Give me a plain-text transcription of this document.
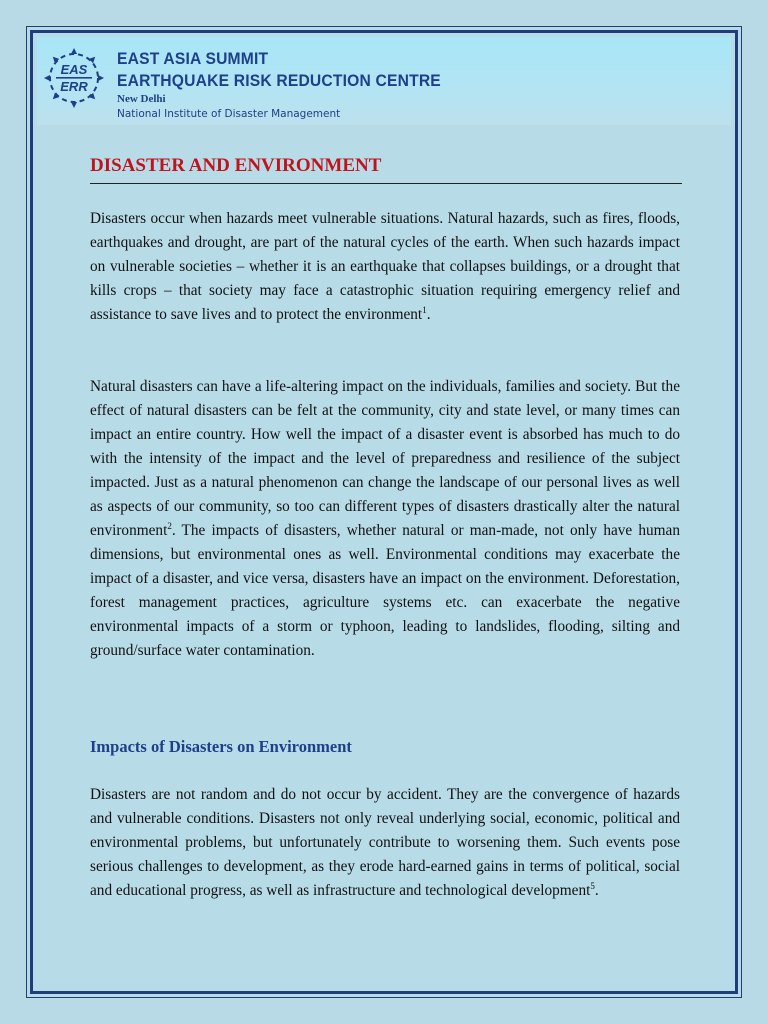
EAS
ERR
EAST ASIA SUMMIT
EARTHQUAKE RISK REDUCTION CENTRE
New Delhi
National Institute of Disaster Management
DISASTER AND ENVIRONMENT

Disasters occur when hazards meet vulnerable situations. Natural hazards, such as fires, floods, earthquakes and drought, are part of the natural cycles of the earth. When such hazards impact on vulnerable societies – whether it is an earthquake that collapses buildings, or a drought that kills crops – that society may face a catastrophic situation requiring emergency relief and assistance to save lives and to protect the environment$^1$.

Natural disasters can have a life-altering impact on the individuals, families and society. But the effect of natural disasters can be felt at the community, city and state level, or many times can impact an entire country. How well the impact of a disaster event is absorbed has much to do with the intensity of the impact and the level of preparedness and resilience of the subject impacted. Just as a natural phenomenon can change the landscape of our personal lives as well as aspects of our community, so too can different types of disasters drastically alter the natural environment$^2$. The impacts of disasters, whether natural or man-made, not only have human dimensions, but environmental ones as well. Environmental conditions may exacerbate the impact of a disaster, and vice versa, disasters have an impact on the environment. Deforestation, forest management practices, agriculture systems etc. can exacerbate the negative environmental impacts of a storm or typhoon, leading to landslides, flooding, silting and ground/surface water contamination.

Impacts of Disasters on Environment

Disasters are not random and do not occur by accident. They are the convergence of hazards and vulnerable conditions. Disasters not only reveal underlying social, economic, political and environmental problems, but unfortunately contribute to worsening them. Such events pose serious challenges to development, as they erode hard-earned gains in terms of political, social and educational progress, as well as infrastructure and technological development$^5$.
